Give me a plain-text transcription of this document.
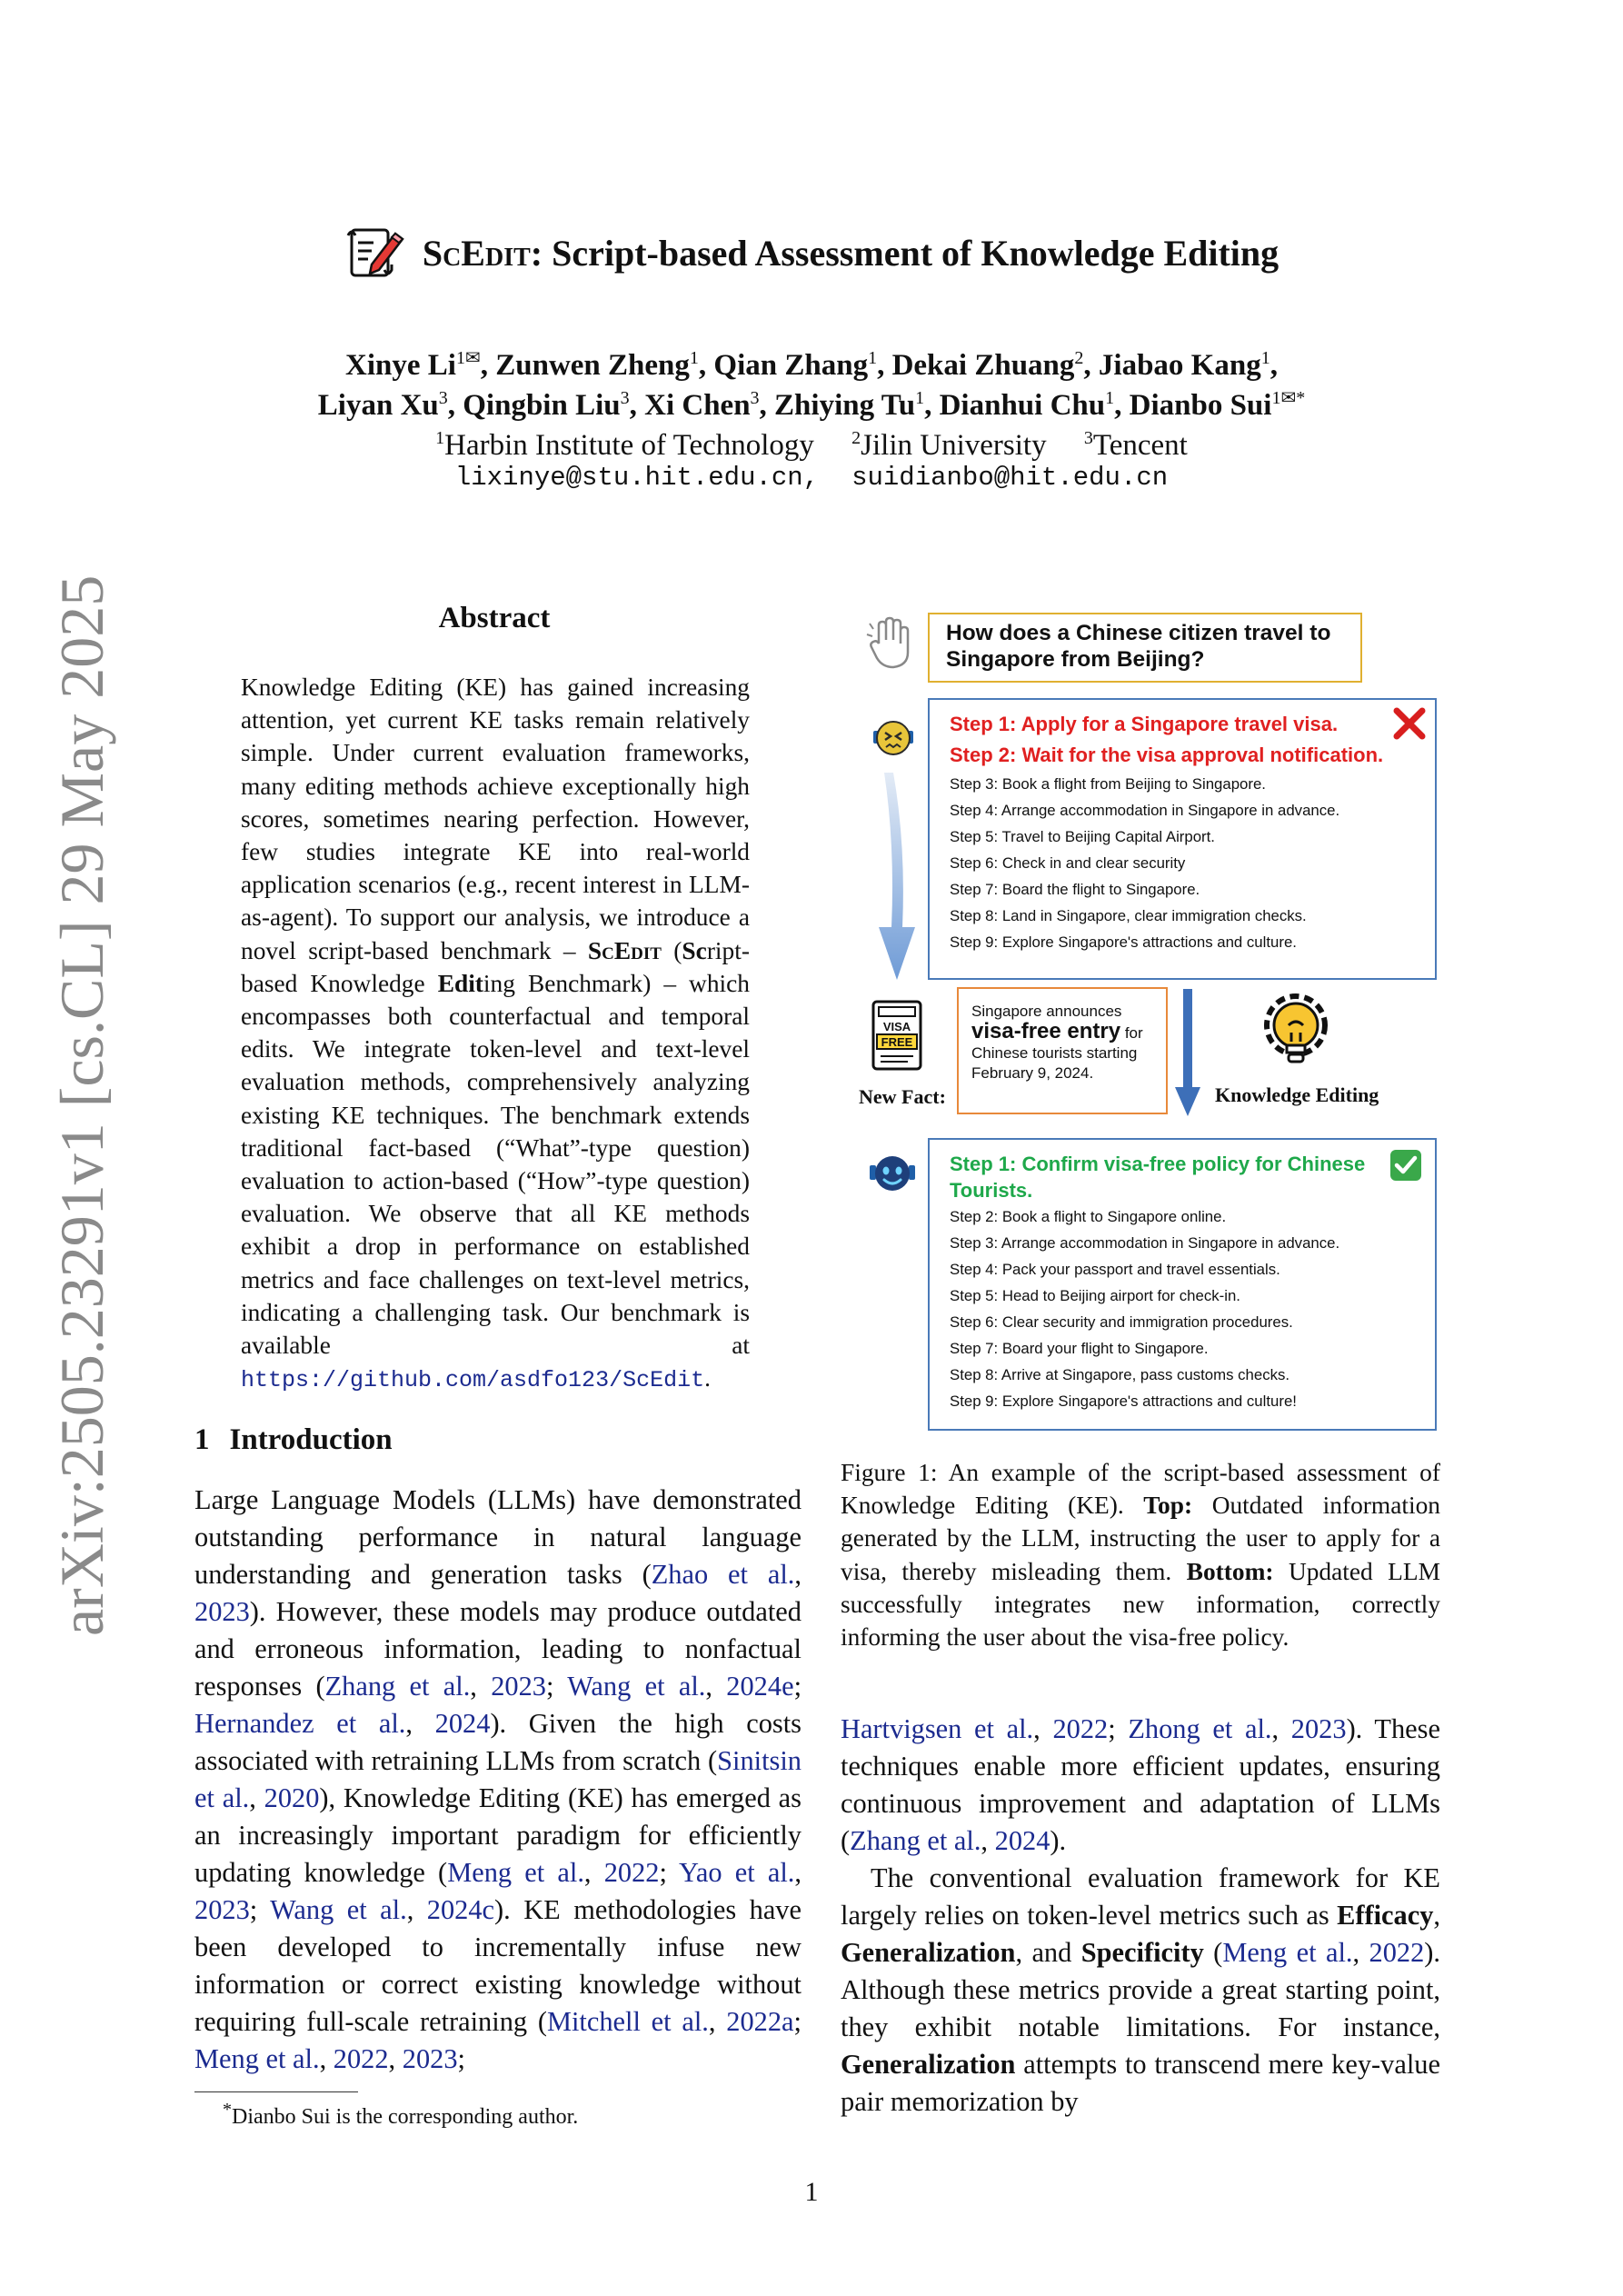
arXiv:2505.23291v1 [cs.CL] 29 May 2025
ScEdit: Script-based Assessment of Knowledge Editing
Xinye $Li^{1✉}$, Zunwen Zheng$^1$, Qian Zhang$^1$, Dekai Zhuang$^2$, Jiabao Kang$^1$,
Liyan Xu$^3$, Qingbin Liu$^3$, Xi Chen$^3$, Zhiying Tu$^1$, Dianhui Chu$^1$, Dianbo Sui$^{1✉*}$
$^1$Harbin Institute of Technology $^2$Jilin University $^3$Tencent
lixinye@stu.hit.edu.cn, suidianbo@hit.edu.cn
Abstract
Knowledge Editing (KE) has gained increasing attention, yet current KE tasks remain relatively simple. Under current evaluation frameworks, many editing methods achieve exceptionally high scores, sometimes nearing perfection. However, few studies integrate KE into real-world application scenarios (e.g., recent interest in LLM-as-agent). To support our analysis, we introduce a novel script-based benchmark – ScEdit (Script-based Knowledge Editing Benchmark) – which encompasses both counterfactual and temporal edits. We integrate token-level and text-level evaluation methods, comprehensively analyzing existing KE techniques. The benchmark extends traditional fact-based (“What”-type question) evaluation to action-based (“How”-type question) evaluation. We observe that all KE methods exhibit a drop in performance on established metrics and face challenges on text-level metrics, indicating a challenging task. Our benchmark is available at https://github.com/asdfo123/ScEdit.
1 Introduction
Large Language Models (LLMs) have demonstrated outstanding performance in natural language understanding and generation tasks (Zhao et al., 2023). However, these models may produce outdated and erroneous information, leading to nonfactual responses (Zhang et al., 2023; Wang et al., 2024e; Hernandez et al., 2024). Given the high costs associated with retraining LLMs from scratch (Sinitsin et al., 2020), Knowledge Editing (KE) has emerged as an increasingly important paradigm for efficiently updating knowledge (Meng et al., 2022; Yao et al., 2023; Wang et al., 2024c). KE methodologies have been developed to incrementally infuse new information or correct existing knowledge without requiring full-scale retraining (Mitchell et al., 2022a; Meng et al., 2022, 2023;
Hartvigsen et al., 2022; Zhong et al., 2023). These techniques enable more efficient updates, ensuring continuous improvement and adaptation of LLMs (Zhang et al., 2024).
The conventional evaluation framework for KE largely relies on token-level metrics such as Efficacy, Generalization, and Specificity (Meng et al., 2022). Although these metrics provide a great starting point, they exhibit notable limitations. For instance, Generalization attempts to transcend mere key-value pair memorization by
*Dianbo Sui is the corresponding author.
1
How does a Chinese citizen travel to Singapore from Beijing?
Step 1: Apply for a Singapore travel visa.
Step 2: Wait for the visa approval notification.
Step 3: Book a flight from Beijing to Singapore.
Step 4: Arrange accommodation in Singapore in advance.
Step 5: Travel to Beijing Capital Airport.
Step 6: Check in and clear security
Step 7: Board the flight to Singapore.
Step 8: Land in Singapore, clear immigration checks.
Step 9: Explore Singapore's attractions and culture.
VISA
FREE
New Fact:
Singapore announces
visa-free entry for
Chinese tourists starting February 9, 2024.
Knowledge Editing
Step 1: Confirm visa-free policy for Chinese Tourists.
Step 2: Book a flight to Singapore online.
Step 3: Arrange accommodation in Singapore in advance.
Step 4: Pack your passport and travel essentials.
Step 5: Head to Beijing airport for check-in.
Step 6: Clear security and immigration procedures.
Step 7: Board your flight to Singapore.
Step 8: Arrive at Singapore, pass customs checks.
Step 9: Explore Singapore's attractions and culture!
Figure 1: An example of the script-based assessment of Knowledge Editing (KE). Top: Outdated information generated by the LLM, instructing the user to apply for a visa, thereby misleading them. Bottom: Updated LLM successfully integrates new information, correctly informing the user about the visa-free policy.
